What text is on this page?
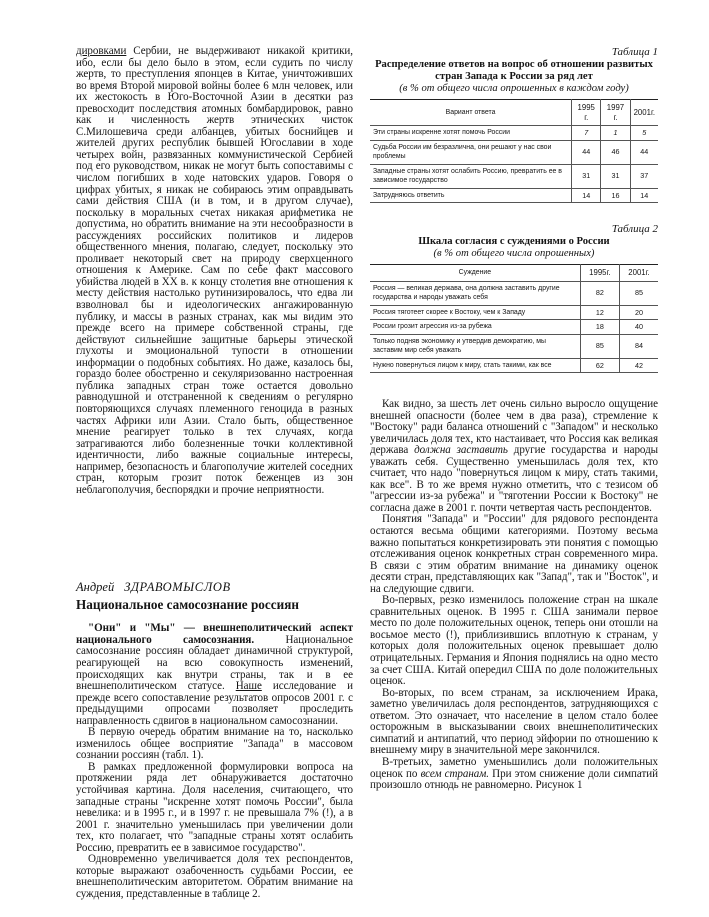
дировками Сербии, не выдерживают никакой критики, ибо, если бы дело было в этом, если судить по числу жертв, то преступления японцев в Китае, уничтоживших во время Второй мировой войны более 6 млн человек, или их жестокость в Юго-Восточной Азии в десятки раз превосходит последствия атомных бомбардировок, равно как и численность жертв этнических чисток С.Милошевича среди албанцев, убитых боснийцев и жителей других республик бывшей Югославии в ходе четырех войн, развязанных коммунистической Сербией под его руководством, никак не могут быть сопоставимы с числом погибших в ходе натовских ударов. Говоря о цифрах убитых, я никак не собираюсь этим оправдывать сами действия США (и в том, и в другом случае), поскольку в моральных счетах никакая арифметика не допустима, но обратить внимание на эти несообразности в рассуждениях российских политиков и лидеров общественного мнения, полагаю, следует, поскольку это проливает некоторый свет на природу сверхценного отношения к Америке. Сам по себе факт массового убийства людей в XX в. к концу столетия вне отношения к месту действия настолько рутинизировалось, что едва ли взволновал бы и идеологических ангажированную публику, и массы в разных странах, как мы видим это прежде всего на примере собственной страны, где действуют сильнейшие защитные барьеры этической глухоты и эмоциональной тупости в отношении информации о подобных событиях. Но даже, казалось бы, гораздо более обостренно и секуляризованно настроенная публика западных стран тоже остается довольно равнодушной и отстраненной к сведениям о регулярно повторяющихся случаях племенного геноцида в разных частях Африки или Азии. Стало быть, общественное мнение реагирует только в тех случаях, когда затрагиваются либо болезненные точки коллективной идентичности, либо важные социальные интересы, например, безопасность и благополучие жителей соседних стран, которым грозит поток беженцев из зон неблагополучия, беспорядки и прочие неприятности.

Андрей ЗДРАВОМЫСЛОВ

Национальное самосознание россиян

"Они" и "Мы" — внешнеполитический аспект национального самосознания. Национальное самосознание россиян обладает динамичной структурой, реагирующей на всю совокупность изменений, происходящих как внутри страны, так и в ее внешнеполитическом статусе. Наше исследование и прежде всего сопоставление результатов опросов 2001 г. с предыдущими опросами позволяет проследить направленность сдвигов в национальном самосознании.

В первую очередь обратим внимание на то, насколько изменилось общее восприятие "Запада" в массовом сознании россиян (табл. 1).

В рамках предложенной формулировки вопроса на протяжении ряда лет обнаруживается достаточно устойчивая картина. Доля населения, считающего, что западные страны "искренне хотят помочь России", была невелика: и в 1995 г., и в 1997 г. не превышала 7% (!), а в 2001 г. значительно уменьшилась при увеличении доли тех, кто полагает, что "западные страны хотят ослабить Россию, превратить ее в зависимое государство".

Одновременно увеличивается доля тех респондентов, которые выражают озабоченность судьбами России, ее внешнеполитическим авторитетом. Обратим внимание на суждения, представленные в таблице 2.

Таблица 1

Распределение ответов на вопрос об отношении развитых стран Запада к России за ряд лет

(в % от общего числа опрошенных в каждом году)

Вариант ответа	1995 г.	1997 г.	2001г.
Эти страны искренне хотят помочь России	7	1	5
Судьба России им безразлична, они решают у нас свои проблемы	44	46	44
Западные страны хотят ослабить Россию, превратить ее в зависимое государство	31	31	37
Затрудняюсь ответить	14	16	14

Таблица 2

Шкала согласия с суждениями о России

(в % от общего числа опрошенных)

Суждение	1995г.	2001г.
Россия — великая держава, она должна заставить другие государства и народы уважать себя	82	85
Россия тяготеет скорее к Востоку, чем к Западу	12	20
России грозит агрессия из-за рубежа	18	40
Только подняв экономику и утвердив демократию, мы заставим мир себя уважать	85	84
Нужно повернуться лицом к миру, стать такими, как все	62	42

Как видно, за шесть лет очень сильно выросло ощущение внешней опасности (более чем в два раза), стремление к "Востоку" ради баланса отношений с "Западом" и несколько увеличилась доля тех, кто настаивает, что Россия как великая держава должна заставить другие государства и народы уважать себя. Существенно уменьшилась доля тех, кто считает, что надо "повернуться лицом к миру, стать такими, как все". В то же время нужно отметить, что с тезисом об "агрессии из-за рубежа" и "тяготении России к Востоку" не согласна даже в 2001 г. почти четвертая часть респондентов.

Понятия "Запада" и "России" для рядового респондента остаются весьма общими категориями. Поэтому весьма важно попытаться конкретизировать эти понятия с помощью отслеживания оценок конкретных стран современного мира. В связи с этим обратим внимание на динамику оценок десяти стран, представляющих как "Запад", так и "Восток", и на следующие сдвиги.

Во-первых, резко изменилось положение стран на шкале сравнительных оценок. В 1995 г. США занимали первое место по доле положительных оценок, теперь они отошли на восьмое место (!), приблизившись вплотную к странам, у которых доля положительных оценок превышает долю отрицательных. Германия и Япония поднялись на одно место за счет США. Китай опередил США по доле положительных оценок.

Во-вторых, по всем странам, за исключением Ирака, заметно увеличилась доля респондентов, затрудняющихся с ответом. Это означает, что население в целом стало более осторожным в высказывании своих внешнеполитических симпатий и антипатий, что период эйфории по отношению к внешнему миру в значительной мере закончился.

В-третьих, заметно уменьшились доли положительных оценок по всем странам. При этом снижение доли симпатий произошло отнюдь не равномерно. Рисунок 1
